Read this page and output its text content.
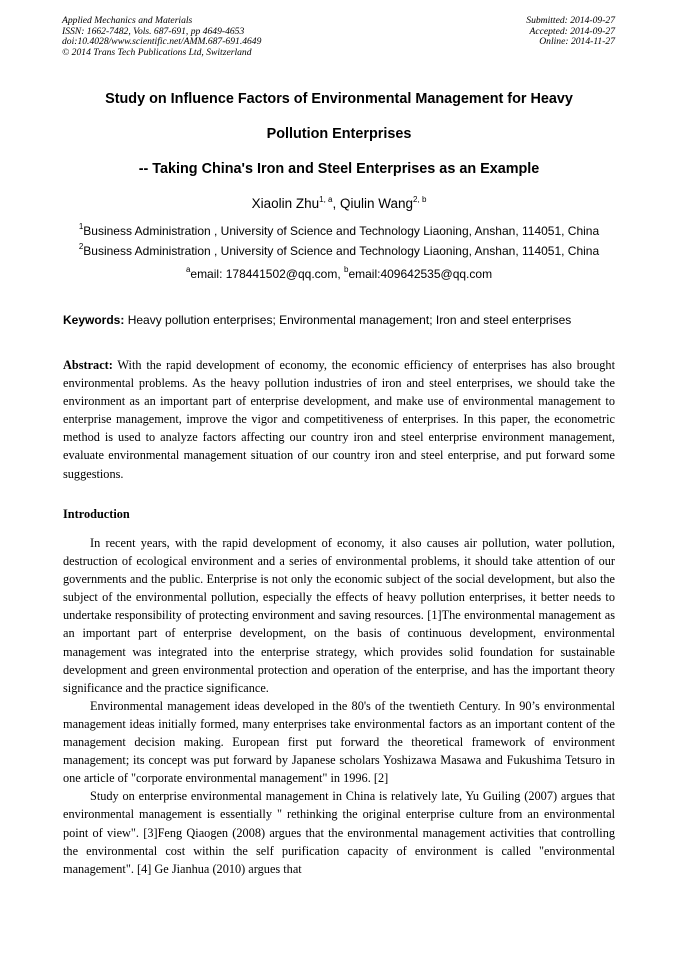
Applied Mechanics and Materials
ISSN: 1662-7482, Vols. 687-691, pp 4649-4653
doi:10.4028/www.scientific.net/AMM.687-691.4649
© 2014 Trans Tech Publications Ltd, Switzerland
Submitted: 2014-09-27
Accepted: 2014-09-27
Online: 2014-11-27
Study on Influence Factors of Environmental Management for Heavy
Pollution Enterprises
-- Taking China's Iron and Steel Enterprises as an Example
Xiaolin Zhu$^{1, a}$, Qiulin Wang$^{2, b}$
$^1$Business Administration , University of Science and Technology Liaoning, Anshan, 114051, China
$^2$Business Administration , University of Science and Technology Liaoning, Anshan, 114051, China
$^a$email: 178441502@qq.com, $^b$email:409642535@qq.com
Keywords: Heavy pollution enterprises; Environmental management; Iron and steel enterprises
Abstract: With the rapid development of economy, the economic efficiency of enterprises has also brought environmental problems. As the heavy pollution industries of iron and steel enterprises, we should take the environment as an important part of enterprise development, and make use of environmental management to enterprise management, improve the vigor and competitiveness of enterprises. In this paper, the econometric method is used to analyze factors affecting our country iron and steel enterprise environment management, evaluate environmental management situation of our country iron and steel enterprise, and put forward some suggestions.
Introduction

In recent years, with the rapid development of economy, it also causes air pollution, water pollution, destruction of ecological environment and a series of environmental problems, it should take attention of our governments and the public. Enterprise is not only the economic subject of the social development, but also the subject of the environmental pollution, especially the effects of heavy pollution enterprises, it better needs to undertake responsibility of protecting environment and saving resources. [1]The environmental management as an important part of enterprise development, on the basis of continuous development, environmental management was integrated into the enterprise strategy, which provides solid foundation for sustainable development and green environmental protection and operation of the enterprise, and has the important theory significance and the practice significance.

Environmental management ideas developed in the 80's of the twentieth Century. In 90’s environmental management ideas initially formed, many enterprises take environmental factors as an important content of the management decision making. European first put forward the theoretical framework of environment management; its concept was put forward by Japanese scholars Yoshizawa Masawa and Fukushima Tetsuro in one article of "corporate environmental management" in 1996. [2]

Study on enterprise environmental management in China is relatively late, Yu Guiling (2007) argues that environmental management is essentially " rethinking the original enterprise culture from an environmental point of view". [3]Feng Qiaogen (2008) argues that the environmental management activities that controlling the environmental cost within the self purification capacity of environment is called "environmental management". [4] Ge Jianhua (2010) argues that
